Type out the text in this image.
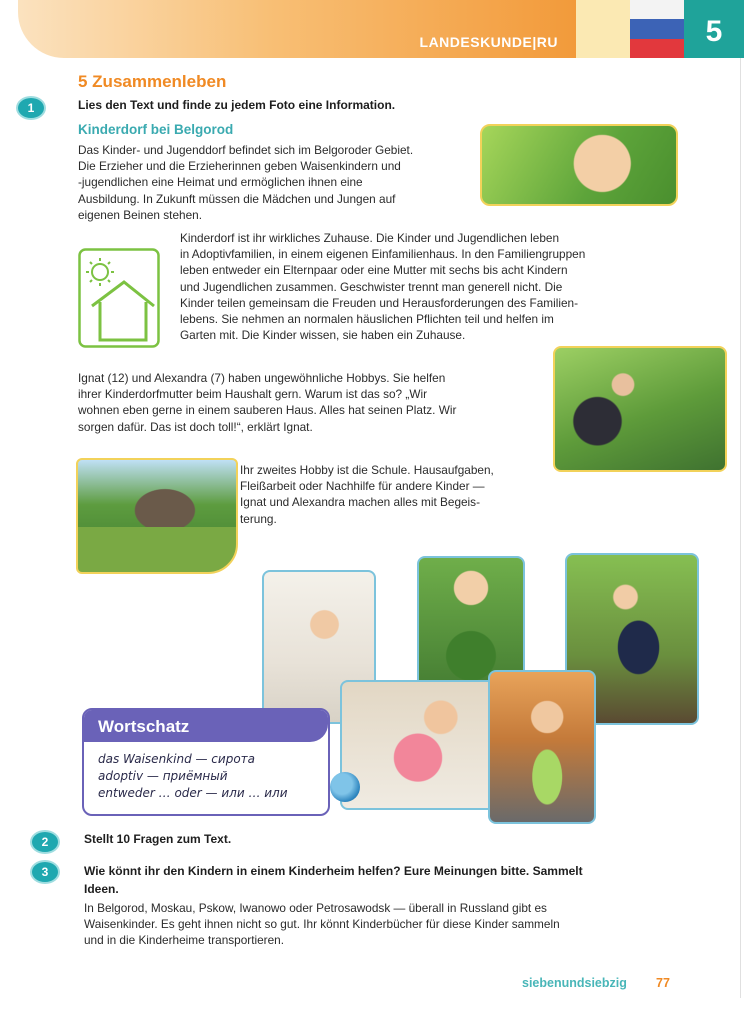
LANDESKUNDE|RU	5
5 Zusammenleben
1	Lies den Text und finde zu jedem Foto eine Information.
Kinderdorf bei Belgorod
Das Kinder- und Jugenddorf befindet sich im Belgoroder Gebiet.
Die Erzieher und die Erzieherinnen geben Waisenkindern und
-jugendlichen eine Heimat und ermöglichen ihnen eine
Ausbildung. In Zukunft müssen die Mädchen und Jungen auf
eigenen Beinen stehen.
Kinderdorf ist ihr wirkliches Zuhause. Die Kinder und Jugendlichen leben
in Adoptivfamilien, in einem eigenen Einfamilienhaus. In den Familiengruppen
leben entweder ein Elternpaar oder eine Mutter mit sechs bis acht Kindern
und Jugendlichen zusammen. Geschwister trennt man generell nicht. Die
Kinder teilen gemeinsam die Freuden und Herausforderungen des Familien-
lebens. Sie nehmen an normalen häuslichen Pflichten teil und helfen im
Garten mit. Die Kinder wissen, sie haben ein Zuhause.
Ignat (12) und Alexandra (7) haben ungewöhnliche Hobbys. Sie helfen
ihrer Kinderdorfmutter beim Haushalt gern. Warum ist das so? „Wir
wohnen eben gerne in einem sauberen Haus. Alles hat seinen Platz. Wir
sorgen dafür. Das ist doch toll!“, erklärt Ignat.
Ihr zweites Hobby ist die Schule. Hausaufgaben,
Fleißarbeit oder Nachhilfe für andere Kinder —
Ignat und Alexandra machen alles mit Begeis-
terung.
Wortschatz
das Waisenkind — сирота
adoptiv — приёмный
entweder … oder — или … или
2	Stellt 10 Fragen zum Text.
3	Wie könnt ihr den Kindern in einem Kinderheim helfen? Eure Meinungen bitte. Sammelt
Ideen.
In Belgorod, Moskau, Pskow, Iwanowo oder Petrosawodsk — überall in Russland gibt es
Waisenkinder. Es geht ihnen nicht so gut. Ihr könnt Kinderbücher für diese Kinder sammeln
und in die Kinderheime transportieren.
siebenundsiebzig 77
